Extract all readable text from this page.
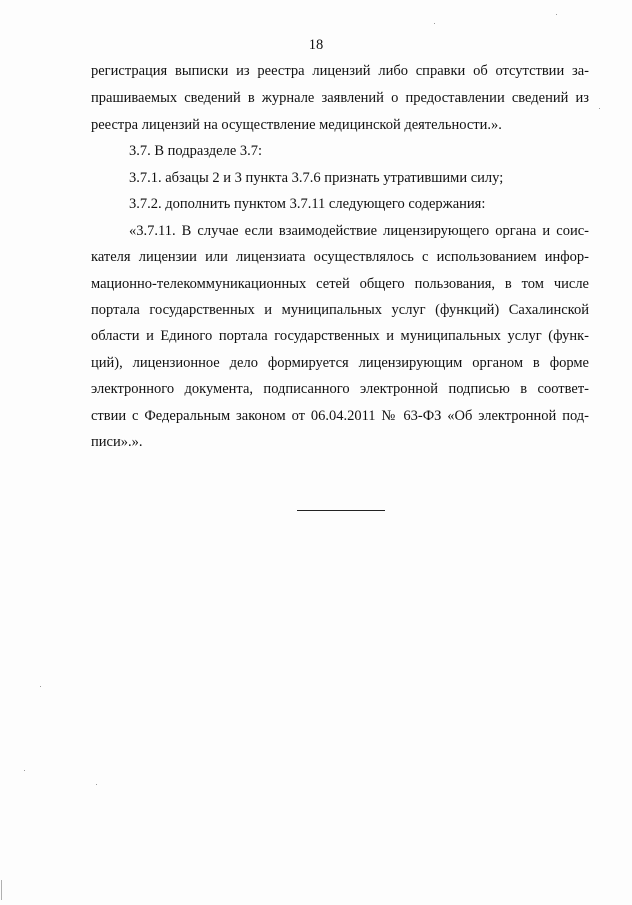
18
регистрация выписки из реестра лицензий либо справки об отсутствии за-
прашиваемых сведений в журнале заявлений о предоставлении сведений из
реестра лицензий на осуществление медицинской деятельности.».
3.7. В подразделе 3.7:
3.7.1. абзацы 2 и 3 пункта 3.7.6 признать утратившими силу;
3.7.2. дополнить пунктом 3.7.11 следующего содержания:
«3.7.11. В случае если взаимодействие лицензирующего органа и соис-
кателя лицензии или лицензиата осуществлялось с использованием инфор-
мационно-телекоммуникационных сетей общего пользования, в том числе
портала государственных и муниципальных услуг (функций) Сахалинской
области и Единого портала государственных и муниципальных услуг (функ-
ций), лицензионное дело формируется лицензирующим органом в форме
электронного документа, подписанного электронной подписью в соответ-
ствии с Федеральным законом от 06.04.2011 № 63-ФЗ «Об электронной под-
писи».».
